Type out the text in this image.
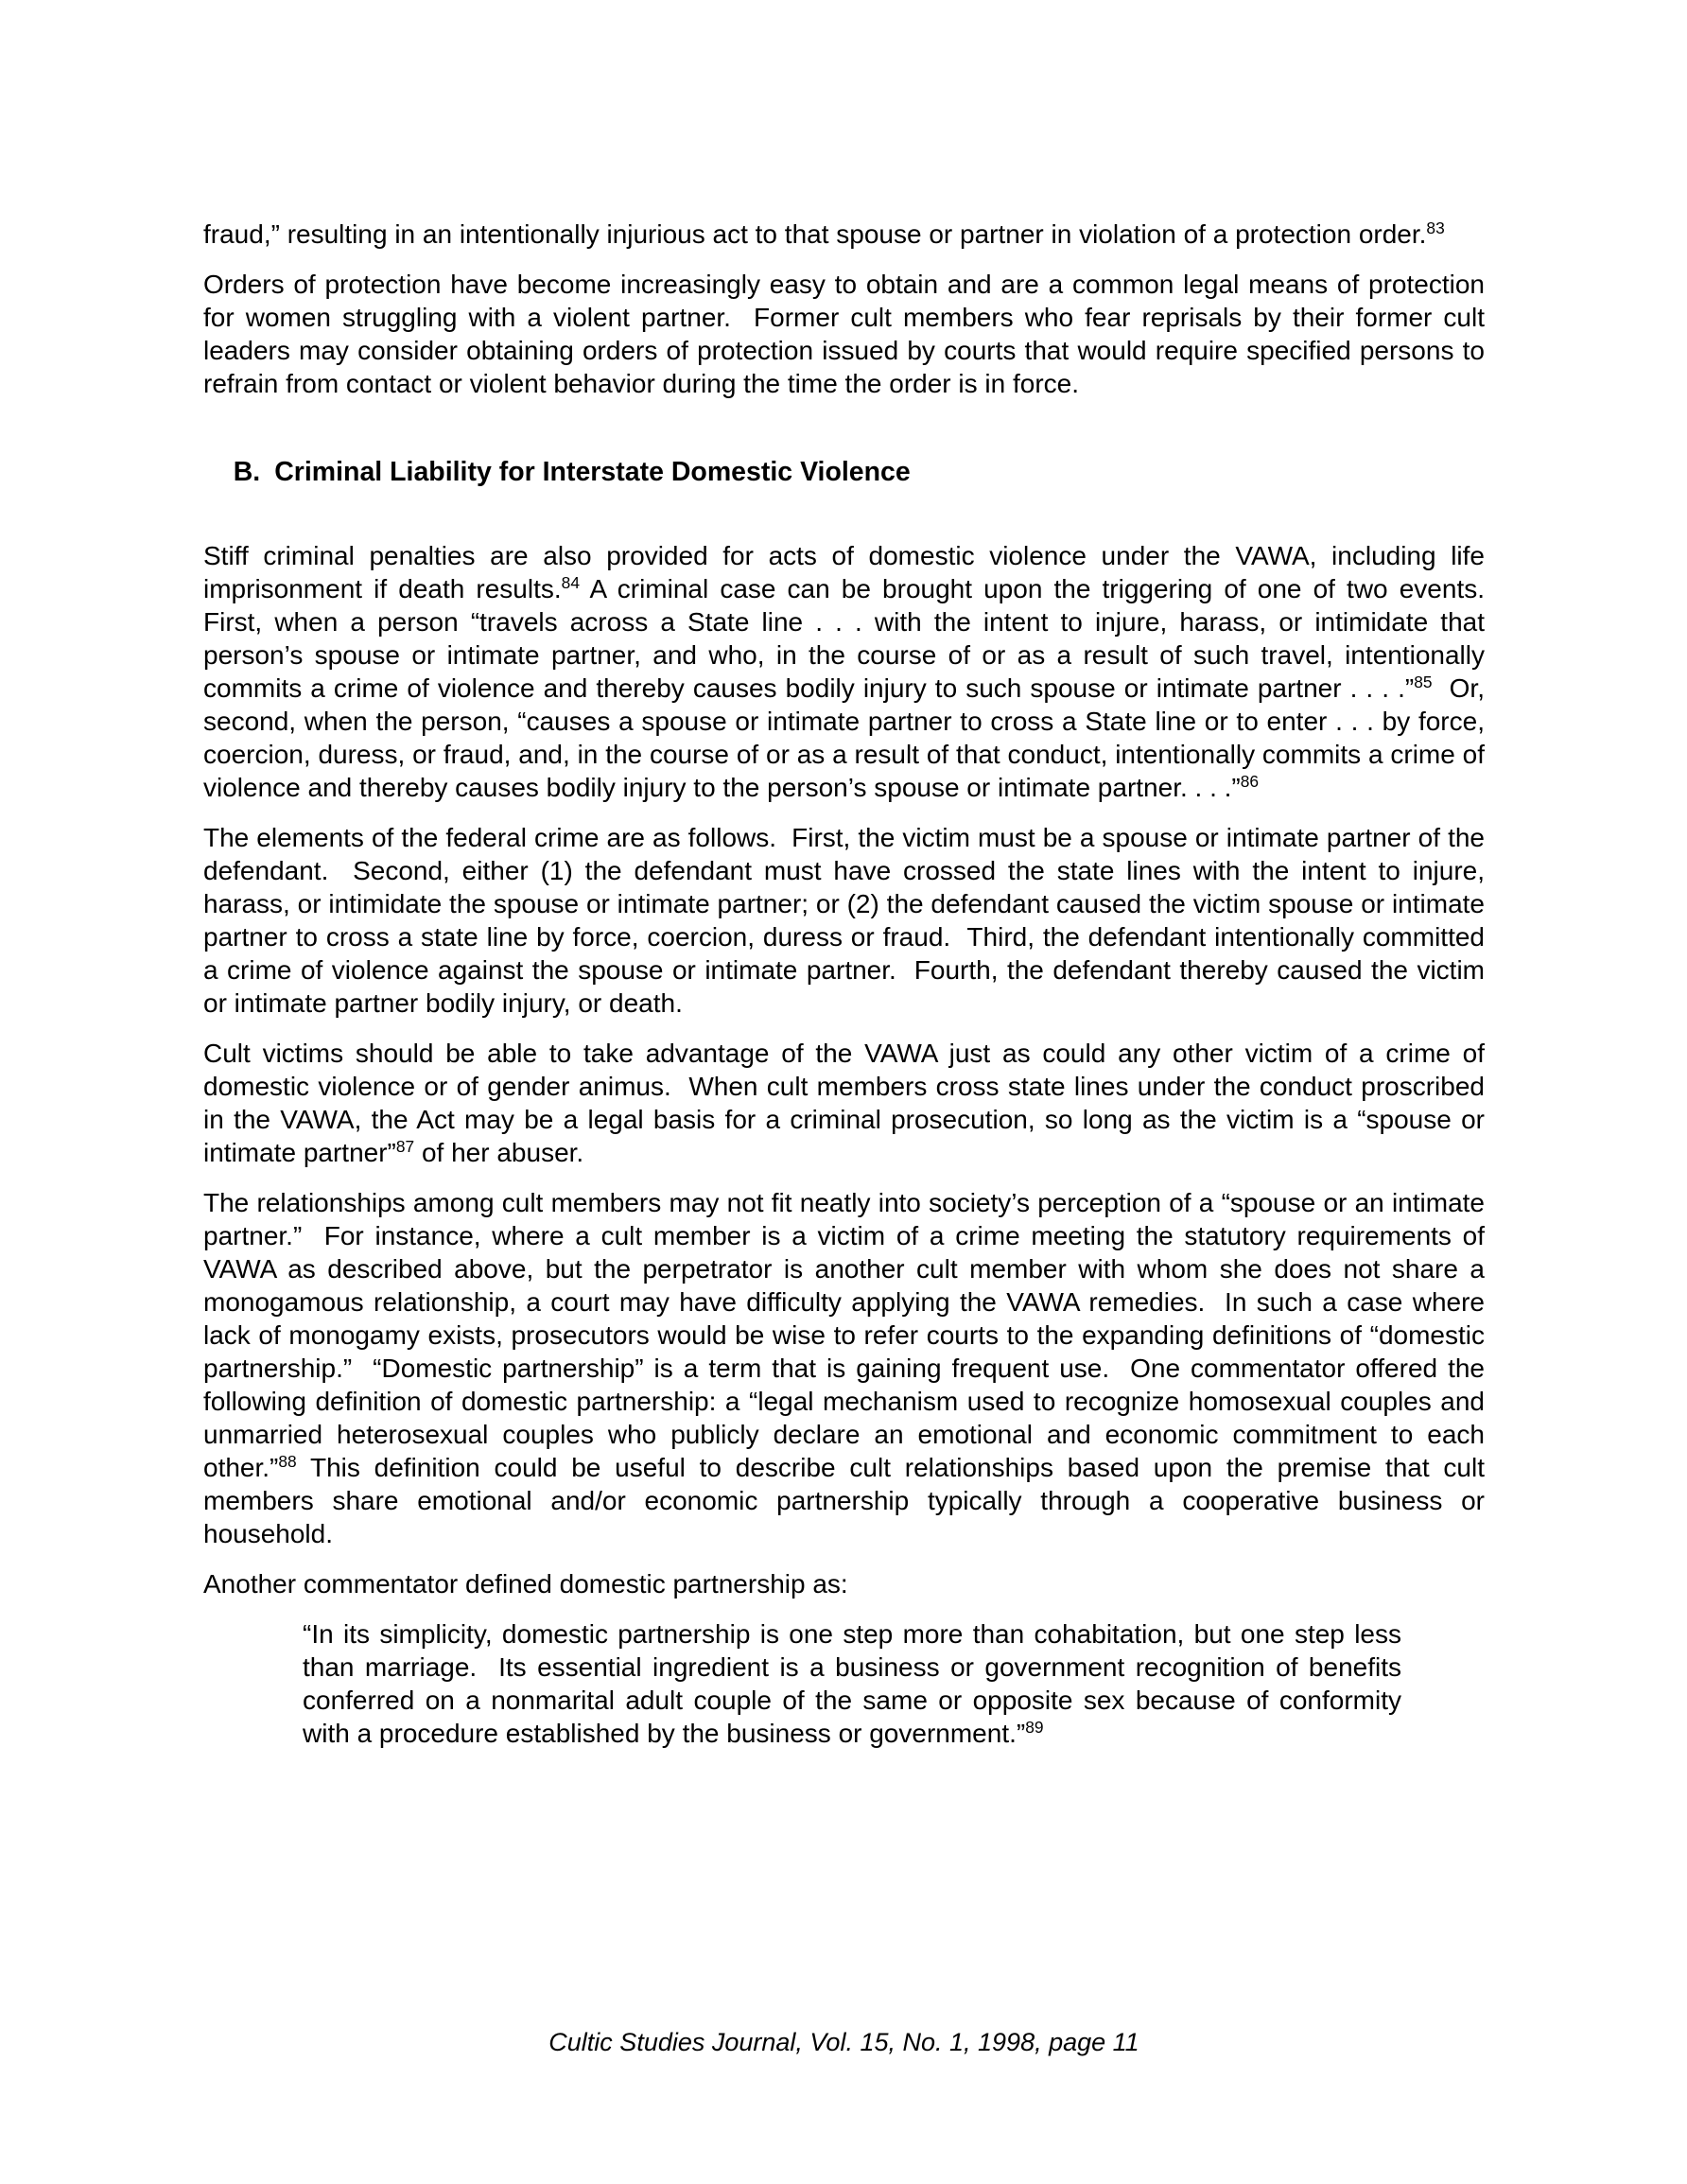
fraud,” resulting in an intentionally injurious act to that spouse or partner in violation of a protection order.$^{83}$

Orders of protection have become increasingly easy to obtain and are a common legal means of protection for women struggling with a violent partner.  Former cult members who fear reprisals by their former cult leaders may consider obtaining orders of protection issued by courts that would require specified persons to refrain from contact or violent behavior during the time the order is in force.

B. Criminal Liability for Interstate Domestic Violence

Stiff criminal penalties are also provided for acts of domestic violence under the VAWA, including life imprisonment if death results.$^{84}$ A criminal case can be brought upon the triggering of one of two events.  First, when a person “travels across a State line . . . with the intent to injure, harass, or intimidate that person’s spouse or intimate partner, and who, in the course of or as a result of such travel, intentionally commits a crime of violence and thereby causes bodily injury to such spouse or intimate partner . . . .”$^{85}$  Or, second, when the person, “causes a spouse or intimate partner to cross a State line or to enter . . . by force, coercion, duress, or fraud, and, in the course of or as a result of that conduct, intentionally commits a crime of violence and thereby causes bodily injury to the person’s spouse or intimate partner. . . .”$^{86}$

The elements of the federal crime are as follows.  First, the victim must be a spouse or intimate partner of the defendant.  Second, either (1) the defendant must have crossed the state lines with the intent to injure, harass, or intimidate the spouse or intimate partner; or (2) the defendant caused the victim spouse or intimate partner to cross a state line by force, coercion, duress or fraud.  Third, the defendant intentionally committed a crime of violence against the spouse or intimate partner.  Fourth, the defendant thereby caused the victim or intimate partner bodily injury, or death.

Cult victims should be able to take advantage of the VAWA just as could any other victim of a crime of domestic violence or of gender animus.  When cult members cross state lines under the conduct proscribed in the VAWA, the Act may be a legal basis for a criminal prosecution, so long as the victim is a “spouse or intimate partner”$^{87}$ of her abuser.

The relationships among cult members may not fit neatly into society’s perception of a “spouse or an intimate partner.”  For instance, where a cult member is a victim of a crime meeting the statutory requirements of VAWA as described above, but the perpetrator is another cult member with whom she does not share a monogamous relationship, a court may have difficulty applying the VAWA remedies.  In such a case where lack of monogamy exists, prosecutors would be wise to refer courts to the expanding definitions of “domestic partnership.”  “Domestic partnership” is a term that is gaining frequent use.  One commentator offered the following definition of domestic partnership: a “legal mechanism used to recognize homosexual couples and unmarried heterosexual couples who publicly declare an emotional and economic commitment to each other.”$^{88}$ This definition could be useful to describe cult relationships based upon the premise that cult members share emotional and/or economic partnership typically through a cooperative business or household.

Another commentator defined domestic partnership as:

“In its simplicity, domestic partnership is one step more than cohabitation, but one step less than marriage.  Its essential ingredient is a business or government recognition of benefits conferred on a nonmarital adult couple of the same or opposite sex because of conformity with a procedure established by the business or government.”$^{89}$

Cultic Studies Journal, Vol. 15, No. 1, 1998, page 11
